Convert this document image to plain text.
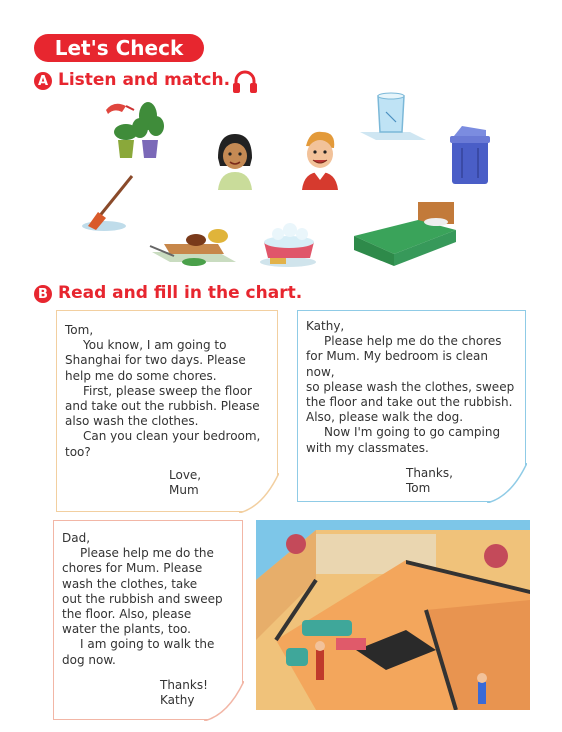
Let's Check
A Listen and match.
B Read and fill in the chart.

Tom,

You know, I am going to

Shanghai for two days. Please

help me do some chores.

First, please sweep the floor

and take out the rubbish. Please

also wash the clothes.

Can you clean your bedroom,

too?

Love,

Mum

Kathy,

Please help me do the chores

for Mum. My bedroom is clean now,

so please wash the clothes, sweep

the floor and take out the rubbish.

Also, please walk the dog.

Now I'm going to go camping

with my classmates.

Thanks,

Tom

Dad,

Please help me do the

chores for Mum. Please

wash the clothes, take

out the rubbish and sweep

the floor. Also, please

water the plants, too.

I am going to walk the

dog now.

Thanks!

Kathy
